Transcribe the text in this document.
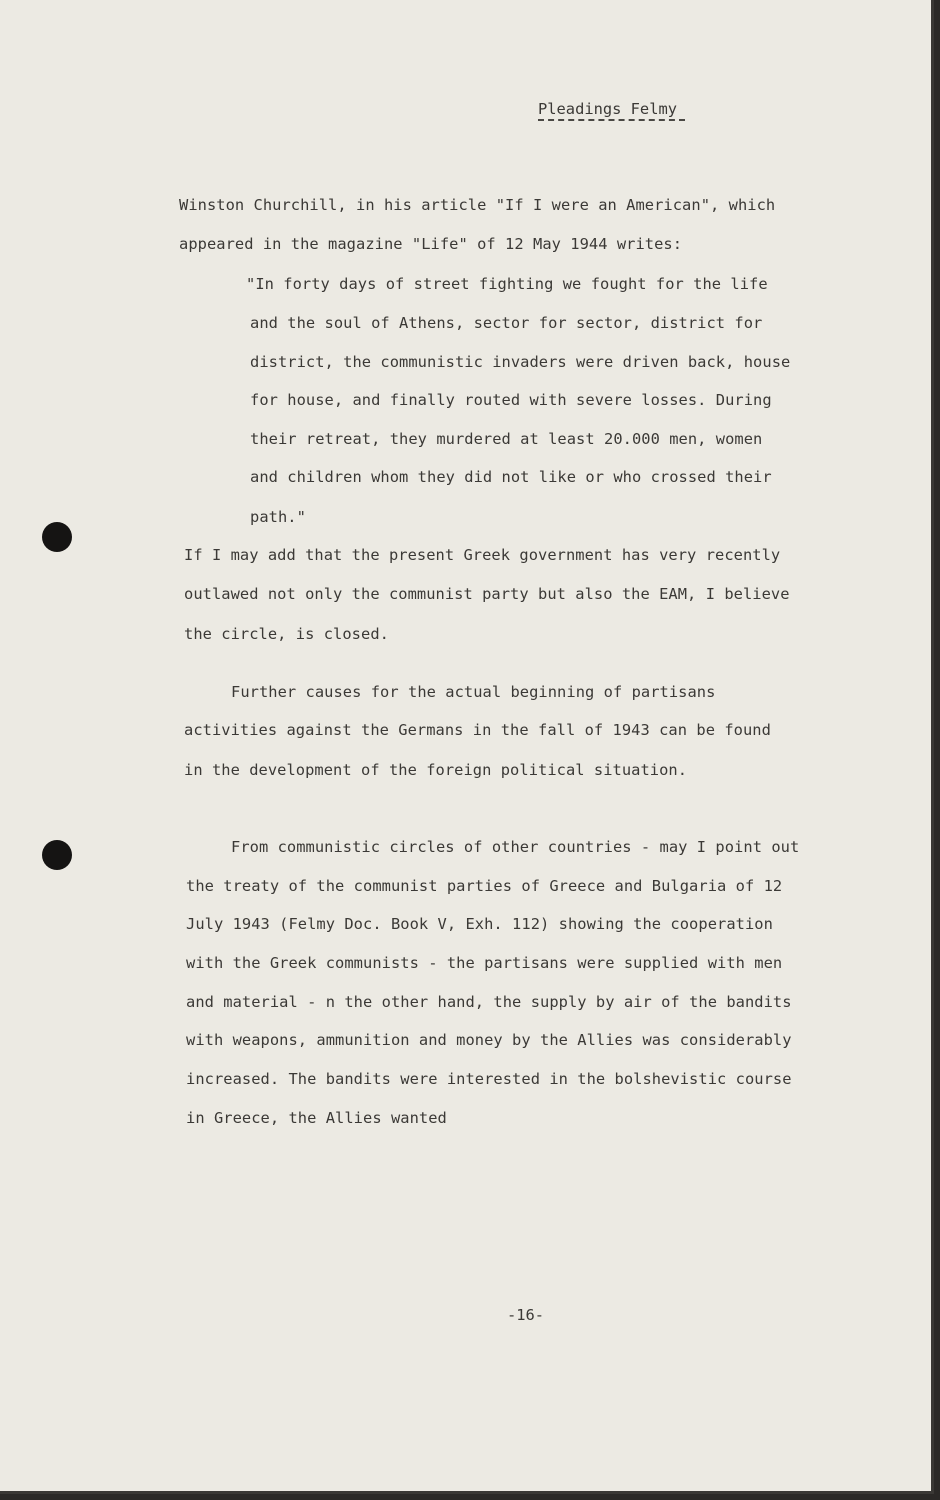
Pleadings Felmy
Winston Churchill, in his article "If I were an American", which
appeared in the magazine "Life" of 12 May 1944 writes:
"In forty days of street fighting we fought for the life
and the soul of Athens, sector for sector, district for
district, the communistic invaders were driven back, house
for house, and finally routed with severe losses. During
their retreat, they murdered at least 20.000 men, women
and children whom they did not like or who crossed their
path."
If I may add that the present Greek government has very recently
outlawed not only the communist party but also the EAM, I believe
the circle, is closed.
Further causes for the actual beginning of partisans
activities against the Germans in the fall of 1943 can be found
in the development of the foreign political situation.
From communistic circles of other countries - may I point out
the treaty of the communist parties of Greece and Bulgaria of 12
July 1943 (Felmy Doc. Book V, Exh. 112) showing the cooperation
with the Greek communists - the partisans were supplied with men
and material - n the other hand, the supply by air of the bandits
with weapons, ammunition and money by the Allies was considerably
increased. The bandits were interested in the bolshevistic course
in Greece, the Allies wanted
-16-
